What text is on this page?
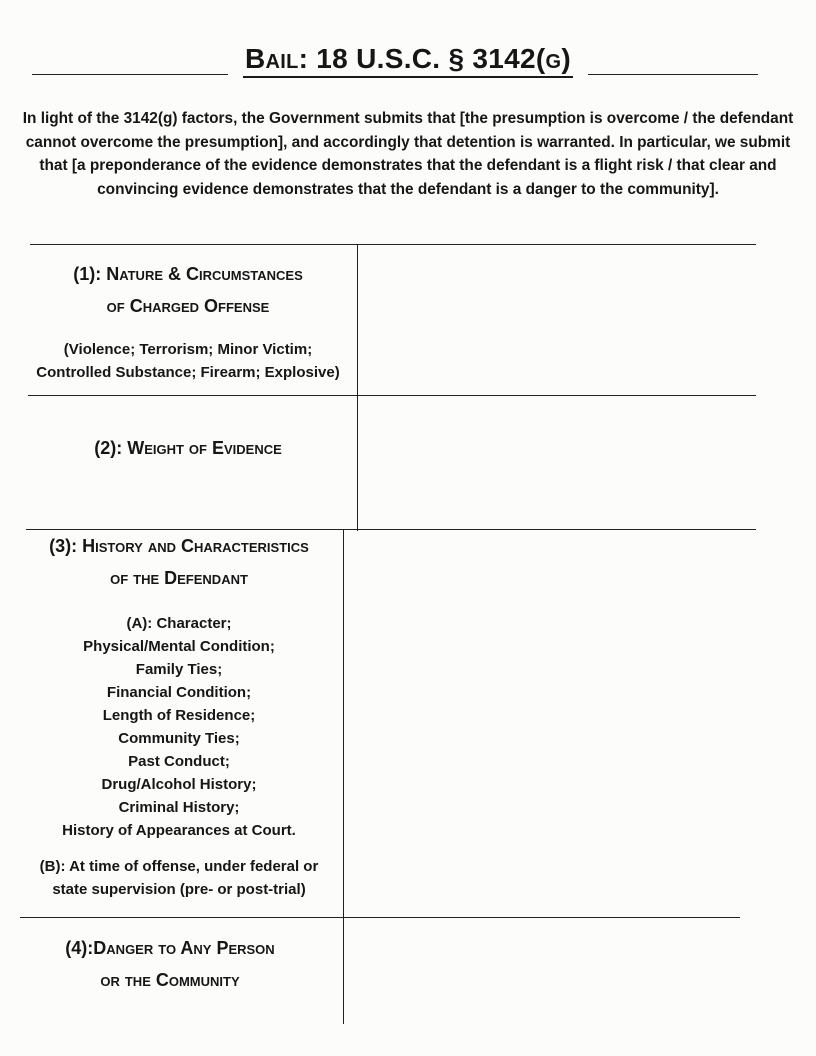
Bail: 18 U.S.C. § 3142(g)
In light of the 3142(g) factors, the Government submits that [the presumption is overcome / the defendant cannot overcome the presumption], and accordingly that detention is warranted. In particular, we submit that [a preponderance of the evidence demonstrates that the defendant is a flight risk / that clear and convincing evidence demonstrates that the defendant is a danger to the community].
(1): Nature & Circumstances
of Charged Offense
(Violence; Terrorism; Minor Victim;
Controlled Substance; Firearm; Explosive)
(2): Weight of Evidence
(3): History and Characteristics
of the Defendant
(A): Character;
Physical/Mental Condition;
Family Ties;
Financial Condition;
Length of Residence;
Community Ties;
Past Conduct;
Drug/Alcohol History;
Criminal History;
History of Appearances at Court.
(B): At time of offense, under federal or
state supervision (pre- or post-trial)
(4):Danger to Any Person
or the Community
